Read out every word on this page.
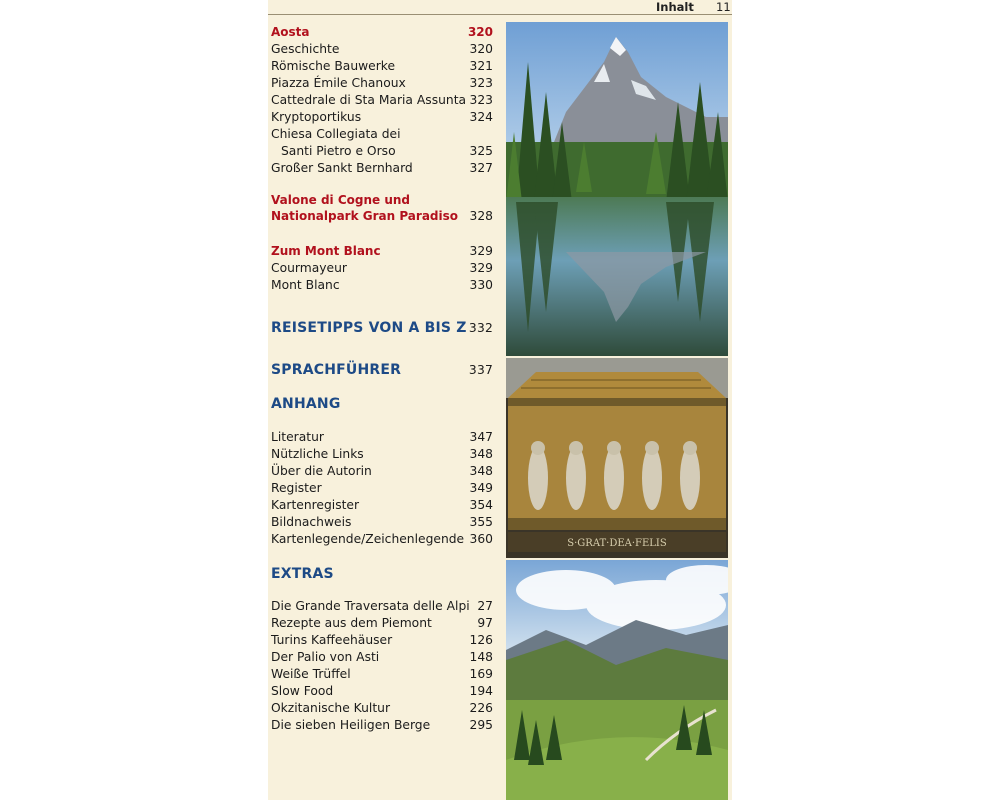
Inhalt 11
Aosta	320
Geschichte	320
Römische Bauwerke	321
Piazza Émile Chanoux	323
Cattedrale di Sta Maria Assunta 323
Kryptoportikus	324
Chiesa Collegiata dei
Santi Pietro e Orso	325
Großer Sankt Bernhard	327
Valone di Cogne und
Nationalpark Gran Paradiso 328
Zum Mont Blanc	329
Courmayeur	329
Mont Blanc	330
REISETIPPS VON A BIS Z 332
SPRACHFÜHRER	337
ANHANG
Literatur	347
Nützliche Links	348
Über die Autorin	348
Register	349
Kartenregister	354
Bildnachweis	355
Kartenlegende/Zeichenlegende 360
EXTRAS
Die Grande Traversata delle Alpi 27
Rezepte aus dem Piemont	97
Turins Kaffeehäuser	126
Der Palio von Asti	148
Weiße Trüffel	169
Slow Food	194
Okzitanische Kultur	226
Die sieben Heiligen Berge	295
S·GRAT·DEA·FELIS
